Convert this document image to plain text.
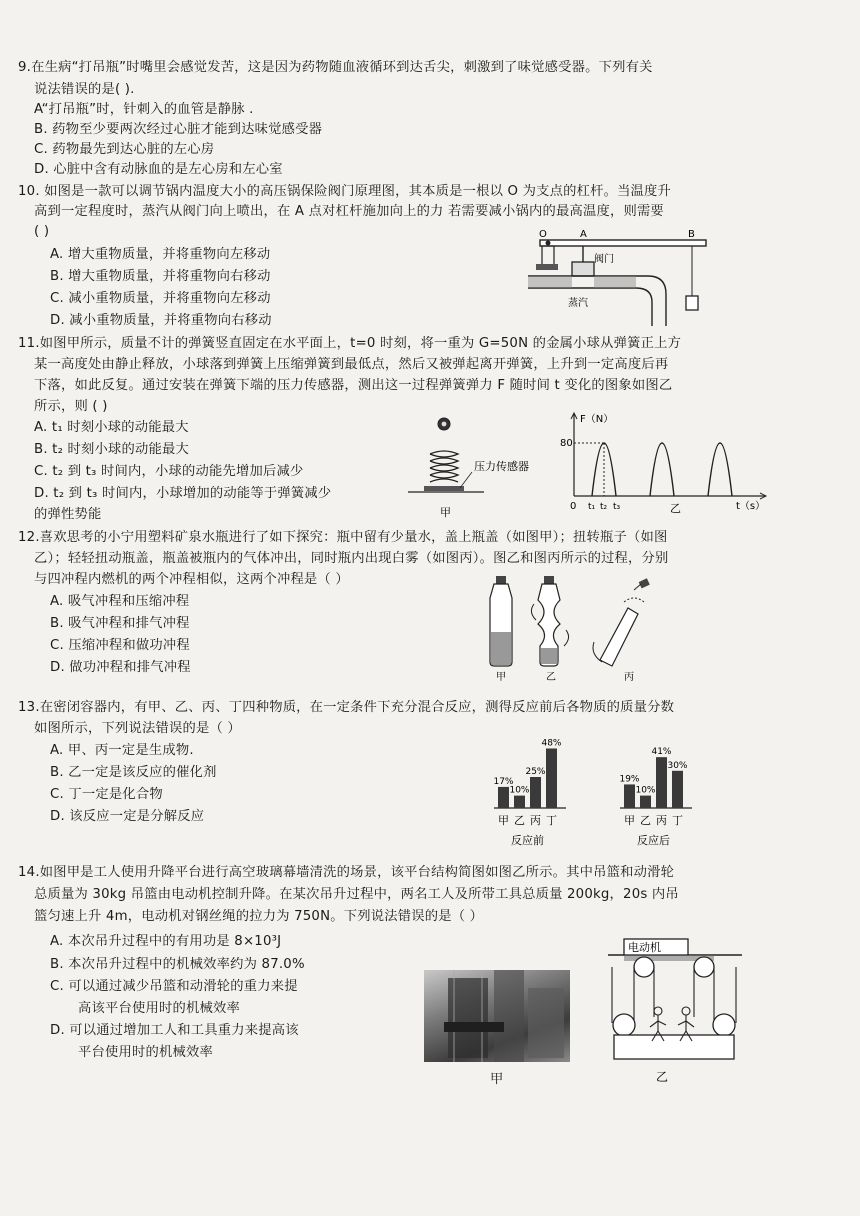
9.在生病“打吊瓶”时嘴里会感觉发苦，这是因为药物随血液循环到达舌尖，刺激到了味觉感受器。下列有关
说法错误的是( ).
A“打吊瓶”时，针刺入的血管是静脉 .
B. 药物至少要两次经过心脏才能到达味觉感受器
C. 药物最先到达心脏的左心房
D. 心脏中含有动脉血的是左心房和左心室
10. 如图是一款可以调节锅内温度大小的高压锅保险阀门原理图，其本质是一根以 O 为支点的杠杆。当温度升
高到一定程度时，蒸汽从阀门向上喷出，在 A 点对杠杆施加向上的力 若需要减小锅内的最高温度，则需要
( )
A. 增大重物质量，并将重物向左移动
B. 增大重物质量，并将重物向右移动
C. 减小重物质量，并将重物向左移动
D. 减小重物质量，并将重物向右移动
O	A	B
阀门
蒸汽
11.如图甲所示，质量不计的弹簧竖直固定在水平面上，t=0 时刻，将一重为 G=50N 的金属小球从弹簧正上方
某一高度处由静止释放，小球落到弹簧上压缩弹簧到最低点，然后又被弹起离开弹簧，上升到一定高度后再
下落，如此反复。通过安装在弹簧下端的压力传感器，测出这一过程弹簧弹力 F 随时间 t 变化的图象如图乙
所示，则 ( )
A. t₁ 时刻小球的动能最大
B. t₂ 时刻小球的动能最大
C. t₂ 到 t₃ 时间内，小球的动能先增加后减少
D. t₂ 到 t₃ 时间内，小球增加的动能等于弹簧减少
的弹性势能
压力传感器
甲
F（N）
80
0 t₁ t₂ t₃	乙	t（s）
12.喜欢思考的小宁用塑料矿泉水瓶进行了如下探究：瓶中留有少量水，盖上瓶盖（如图甲）；扭转瓶子（如图
乙）；轻轻扭动瓶盖，瓶盖被瓶内的气体冲出，同时瓶内出现白雾（如图丙）。图乙和图丙所示的过程，分别
与四冲程内燃机的两个冲程相似，这两个冲程是（ ）
A. 吸气冲程和压缩冲程
B. 吸气冲程和排气冲程
C. 压缩冲程和做功冲程
D. 做功冲程和排气冲程
甲	乙	丙
13.在密闭容器内，有甲、乙、丙、丁四种物质，在一定条件下充分混合反应，测得反应前后各物质的质量分数
如图所示，下列说法错误的是（ ）
A. 甲、丙一定是生成物.
B. 乙一定是该反应的催化剂
C. 丁一定是化合物
D. 该反应一定是分解反应
17%
甲
10%
乙
25%
丙
48%
丁
反应前
19%
甲
10%
乙
41%
丙
30%
丁
反应后
14.如图甲是工人使用升降平台进行高空玻璃幕墙清洗的场景，该平台结构简图如图乙所示。其中吊篮和动滑轮
总质量为 30kg 吊篮由电动机控制升降。在某次吊升过程中，两名工人及所带工具总质量 200kg，20s 内吊
篮匀速上升 4m，电动机对钢丝绳的拉力为 750N。下列说法错误的是（ ）
A. 本次吊升过程中的有用功是 8×10³J
B. 本次吊升过程中的机械效率约为 87.0%
C. 可以通过减少吊篮和动滑轮的重力来提
高该平台使用时的机械效率
D. 可以通过增加工人和工具重力来提高该
平台使用时的机械效率
甲
电动机
乙
